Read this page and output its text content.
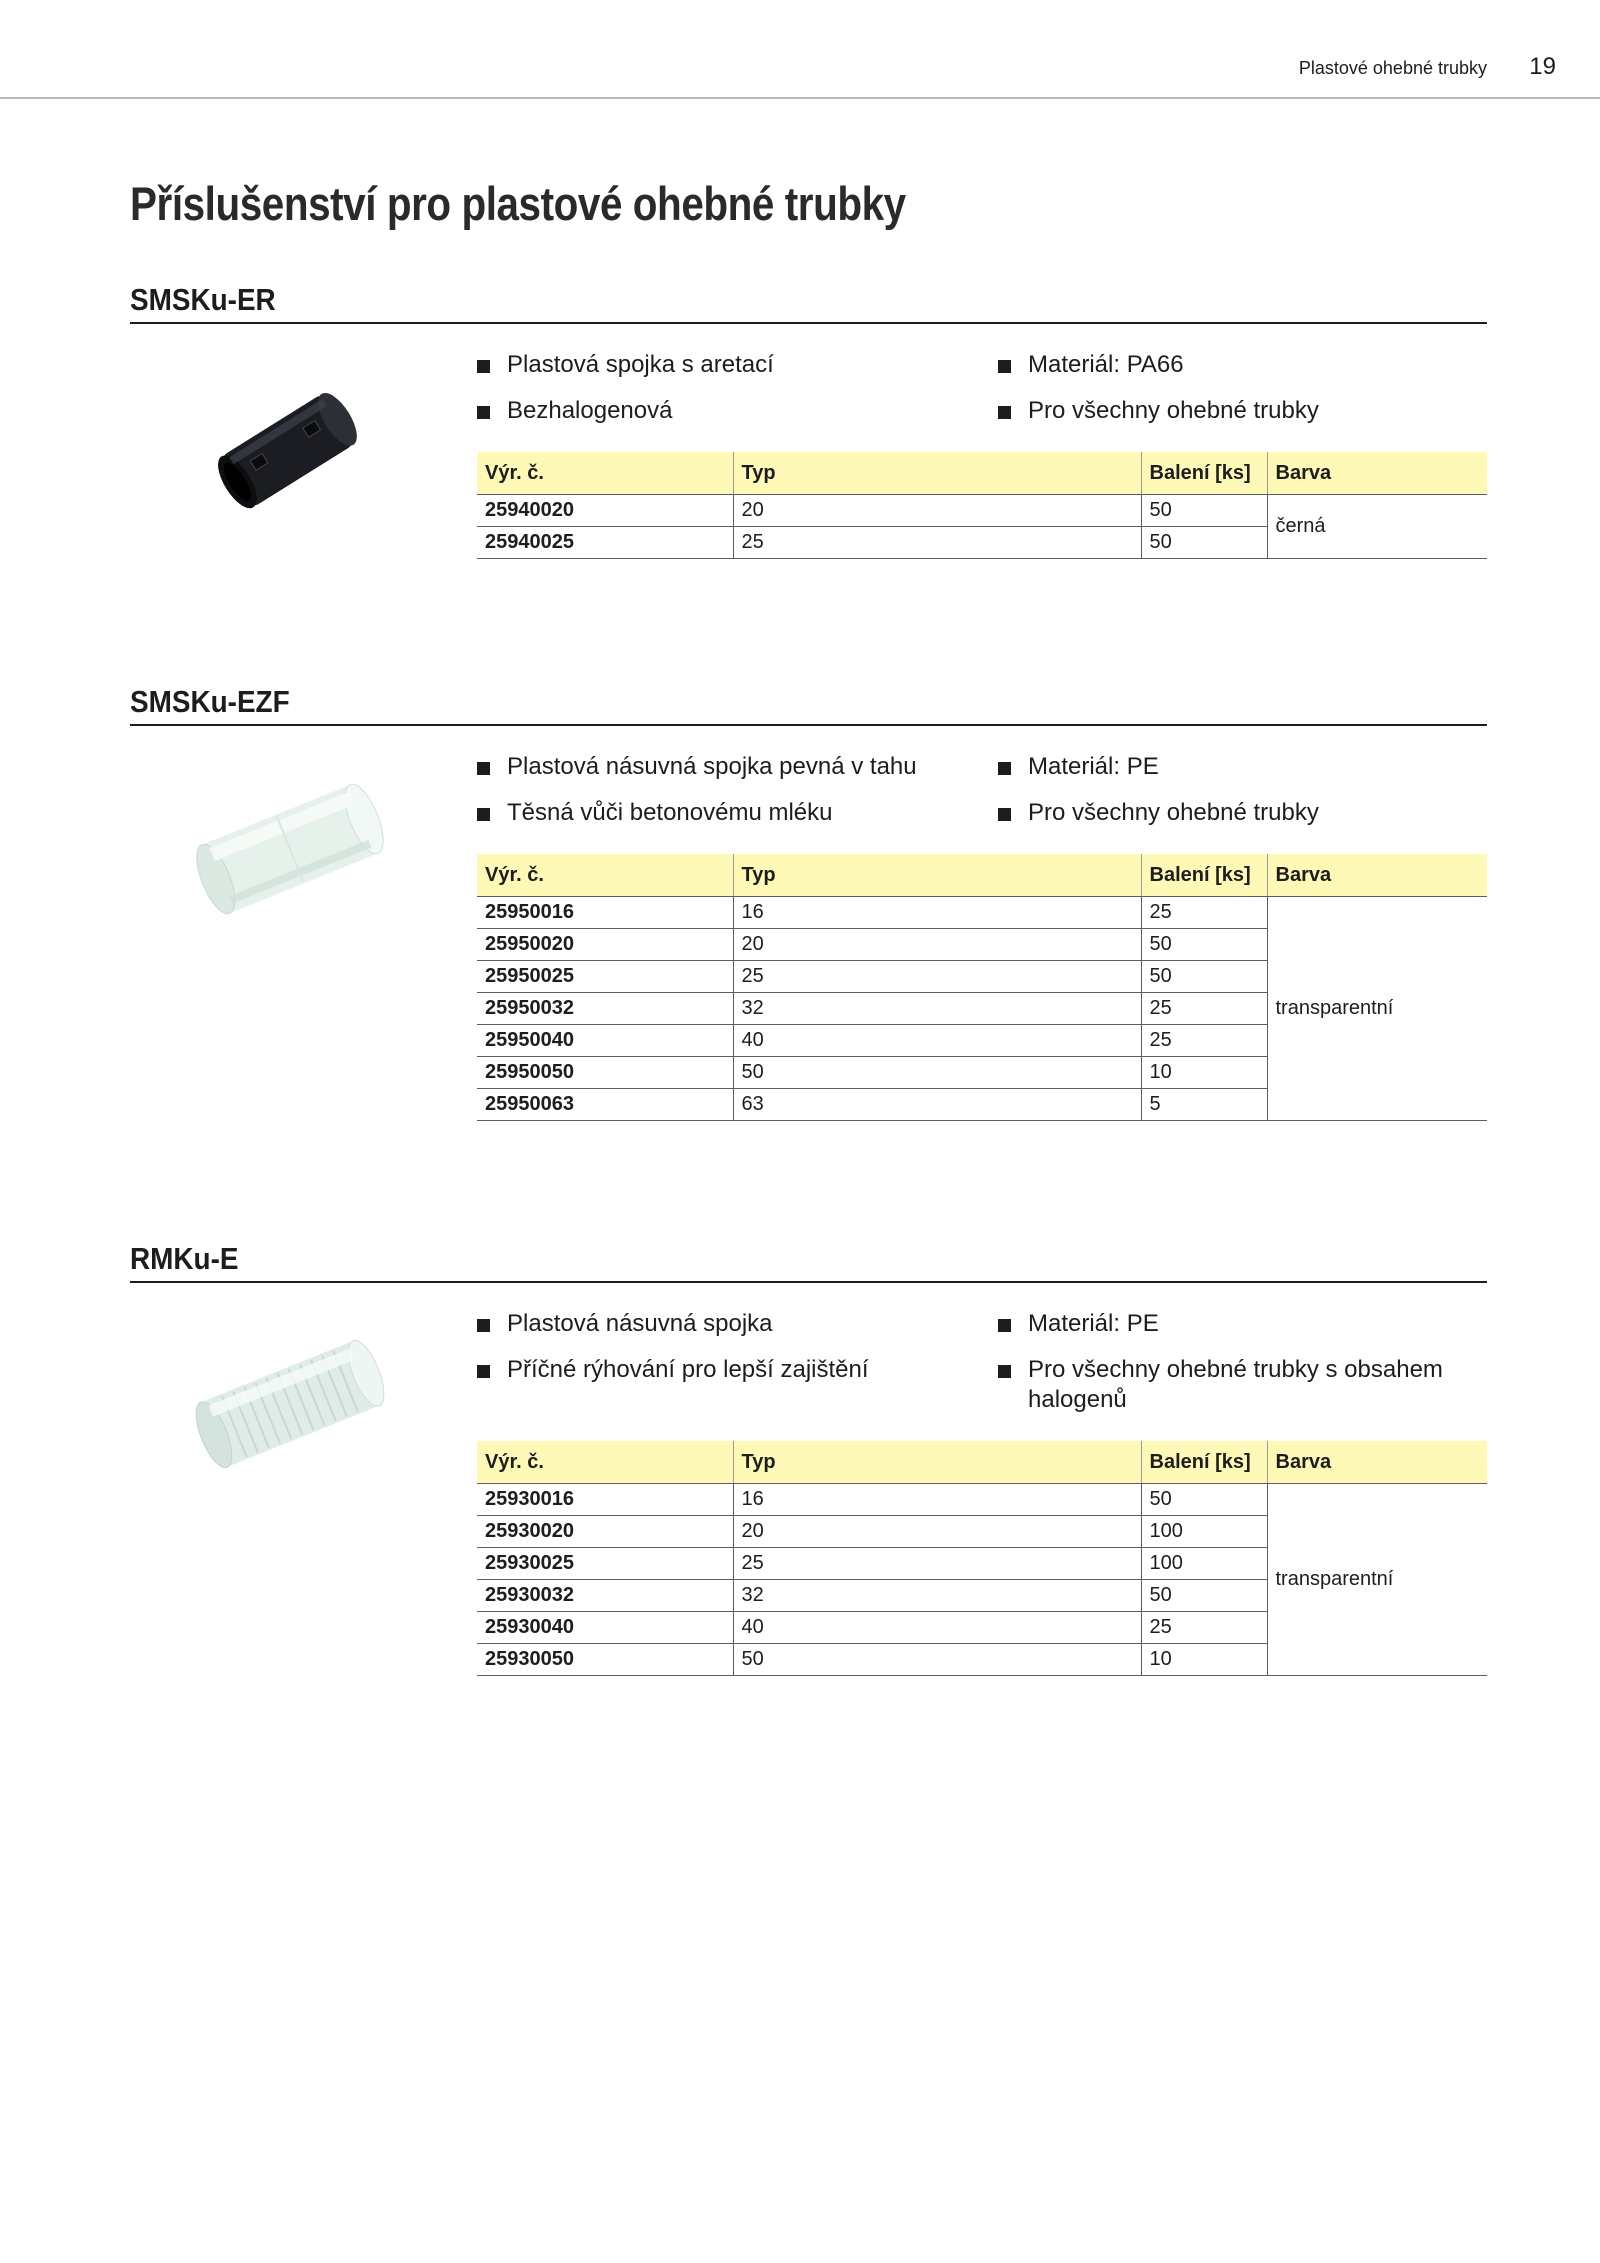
Plastové ohebné trubky 19
Příslušenství pro plastové ohebné trubky
SMSKu-ER
Plastová spojka s aretací
Bezhalogenová
Materiál: PA66
Pro všechny ohebné trubky
Výr. č.	Typ	Balení [ks]	Barva
25940020	20	50	černá
25940025	25	50	
SMSKu-EZF
Plastová násuvná spojka pevná v tahu
Těsná vůči betonovému mléku
Materiál: PE
Pro všechny ohebné trubky
Výr. č.	Typ	Balení [ks]	Barva
25950016	16	25	transparentní
25950020	20	50	
25950025	25	50	
25950032	32	25	
25950040	40	25	
25950050	50	10	
25950063	63	5	
RMKu-E
Plastová násuvná spojka
Příčné rýhování pro lepší zajištění
Materiál: PE
Pro všechny ohebné trubky s obsahem halogenů
Výr. č.	Typ	Balení [ks]	Barva
25930016	16	50	transparentní
25930020	20	100	
25930025	25	100	
25930032	32	50	
25930040	40	25	
25930050	50	10	
